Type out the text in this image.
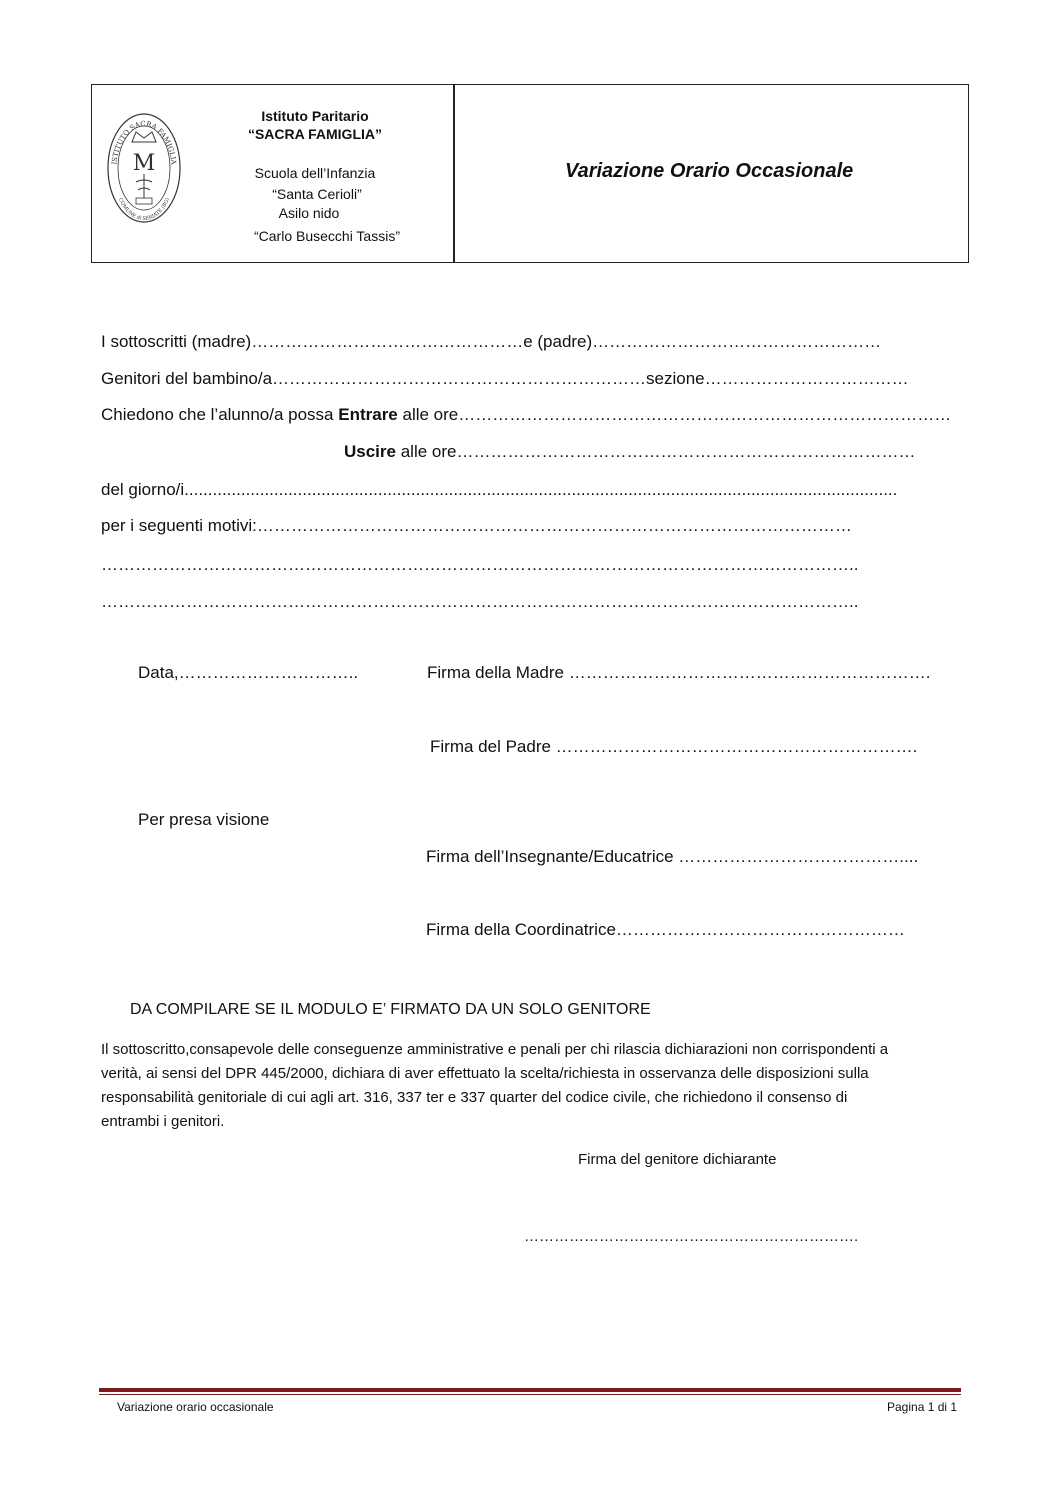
ISTITUTO SACRA FAMIGLIA
COMUNE di SERIATE (BG)
M
Istituto Paritario
“SACRA FAMIGLIA”
Scuola dell’Infanzia
“Santa Cerioli”
Asilo nido
“Carlo Busecchi Tassis”
Variazione Orario Occasionale
I sottoscritti (madre)…………………………………………e (padre)……………………………………………
Genitori del bambino/a…………………………………………………………sezione………………………………
Chiedono che l’alunno/a possa Entrare alle ore……………………………………………………………………………
Uscire alle ore………………………………………………………………………
del giorno/i.......................................................................................................................................................
per i seguenti motivi:……………………………………………………………………………………………
……………………………………………………………………………………………………………………..
……………………………………………………………………………………………………………………..
Data,…………………………..	Firma della Madre ……………………………………………………….
Firma del Padre ……………………………………………………….
Per presa visione
Firma dell’Insegnante/Educatrice …………………………………....
Firma della Coordinatrice……………………………………………
DA COMPILARE SE IL MODULO E’ FIRMATO DA UN SOLO GENITORE
Il sottoscritto,consapevole delle conseguenze amministrative e penali per chi rilascia dichiarazioni non corrispondenti a
verità, ai sensi del DPR 445/2000, dichiara di aver effettuato la scelta/richiesta in osservanza delle disposizioni sulla
responsabilità genitoriale di cui agli art. 316, 337 ter e 337 quarter del codice civile, che richiedono il consenso di
entrambi i genitori.
Firma del genitore dichiarante
………………………………………………………….
Variazione orario occasionale	Pagina 1 di 1
